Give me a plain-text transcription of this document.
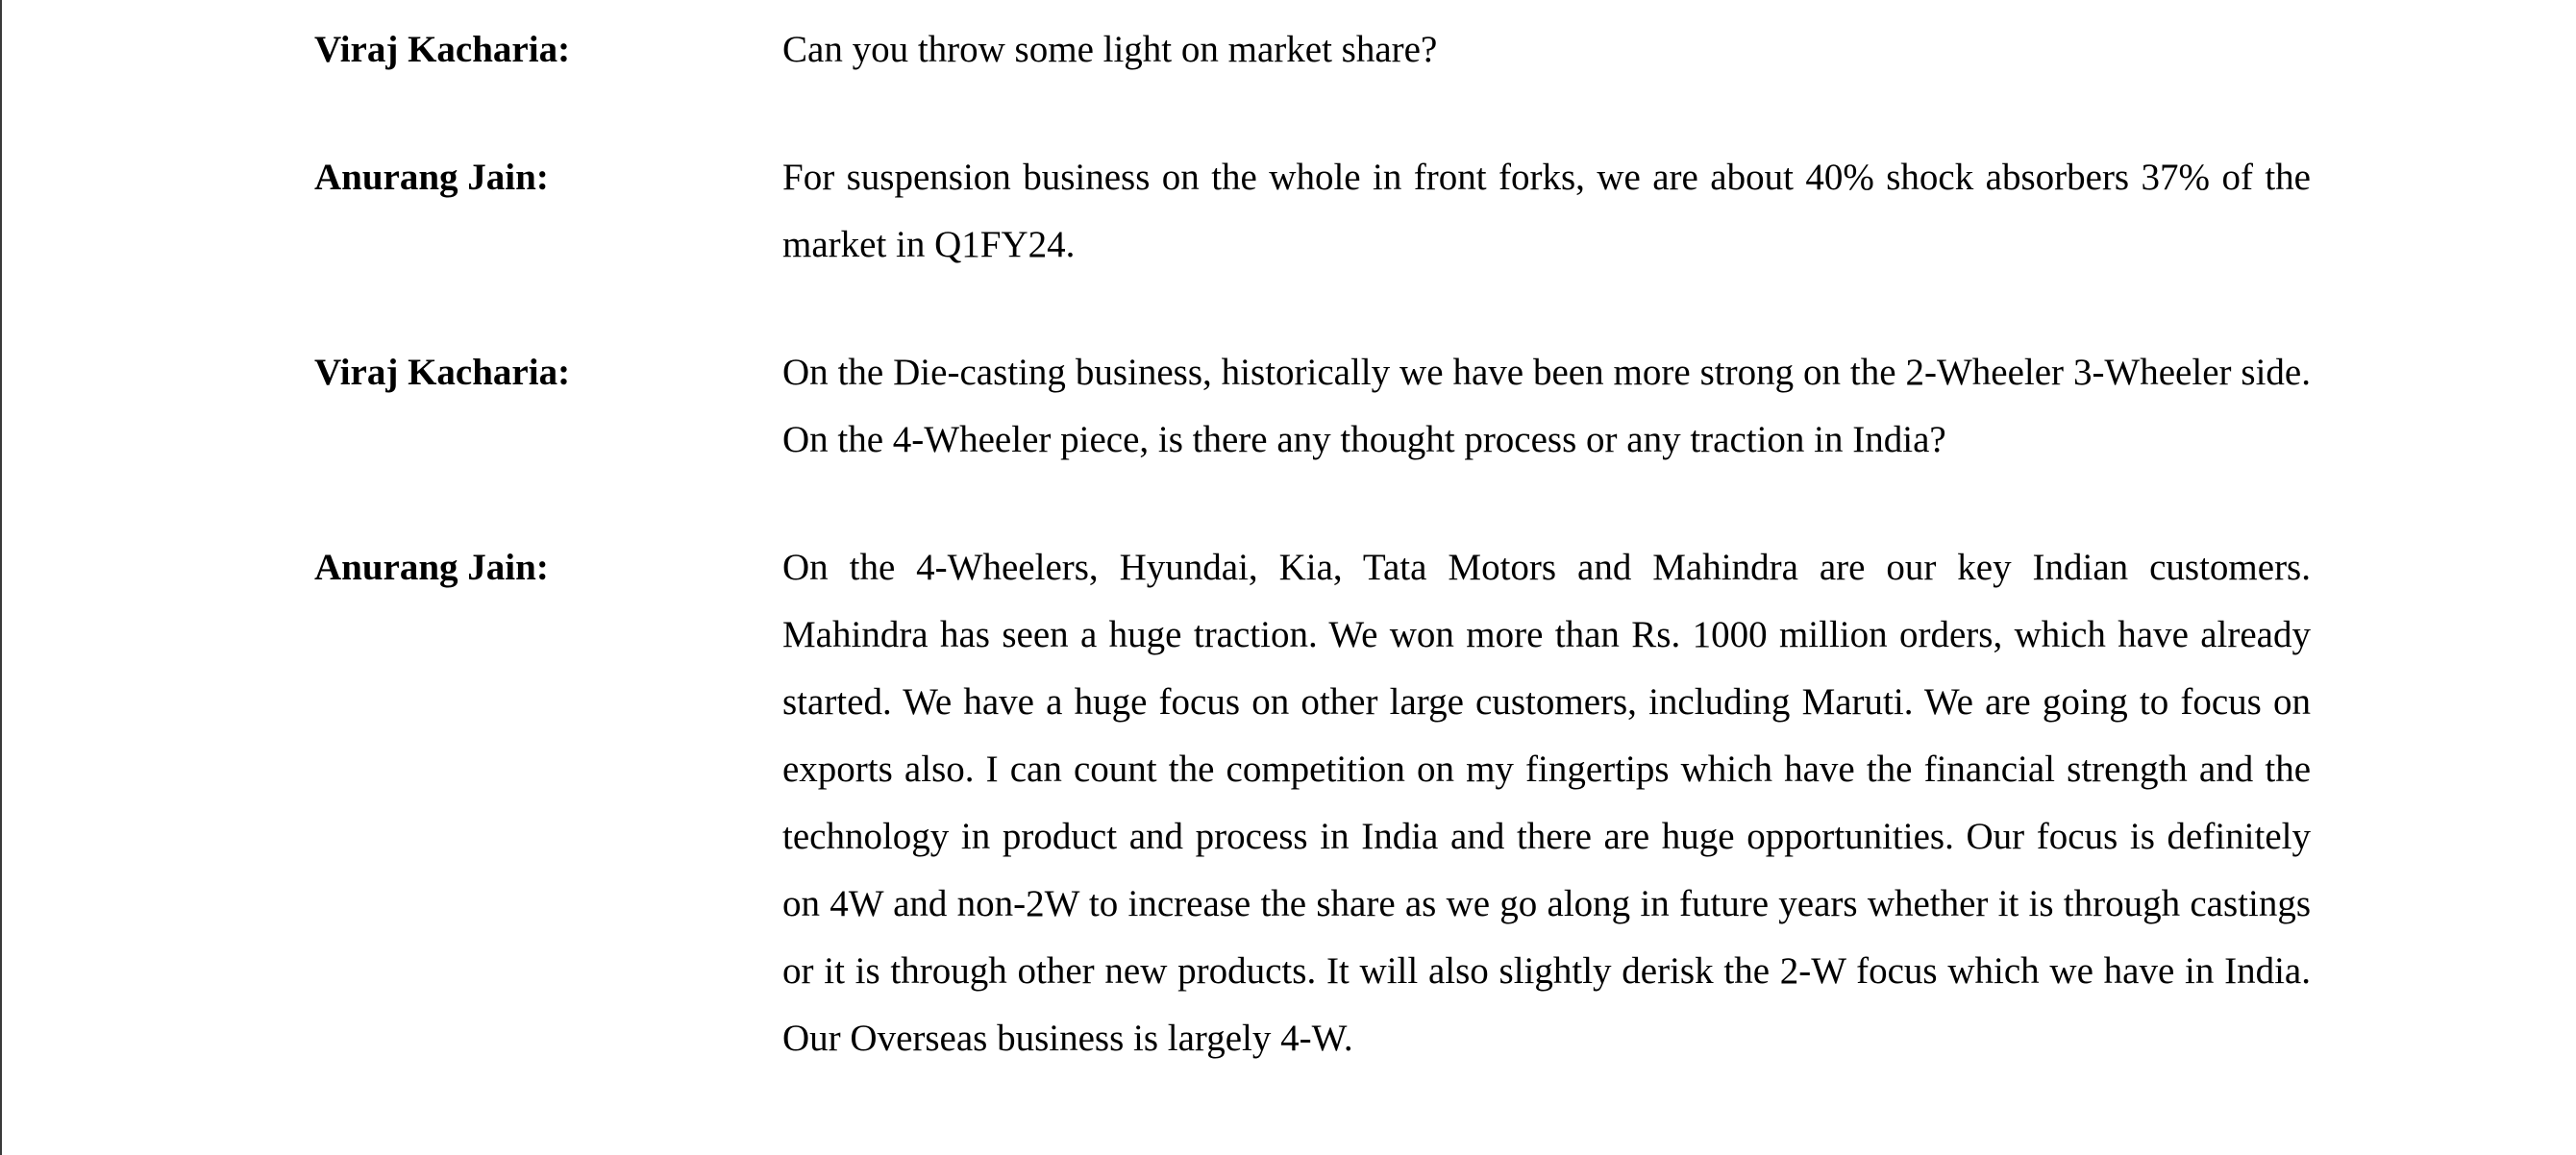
Viraj Kacharia:	Can you throw some light on market share?

Anurang Jain:	For suspension business on the whole in front forks, we are about 40% shock absorbers 37% of the market in Q1FY24.

Viraj Kacharia:	On the Die-casting business, historically we have been more strong on the 2-Wheeler 3-Wheeler side. On the 4-Wheeler piece, is there any thought process or any traction in India?

Anurang Jain:	On the 4-Wheelers, Hyundai, Kia, Tata Motors and Mahindra are our key Indian customers. Mahindra has seen a huge traction. We won more than Rs. 1000 million orders, which have already started. We have a huge focus on other large customers, including Maruti. We are going to focus on exports also. I can count the competition on my fingertips which have the financial strength and the technology in product and process in India and there are huge opportunities. Our focus is definitely on 4W and non-2W to increase the share as we go along in future years whether it is through castings or it is through other new products. It will also slightly derisk the 2-W focus which we have in India. Our Overseas business is largely 4-W.
